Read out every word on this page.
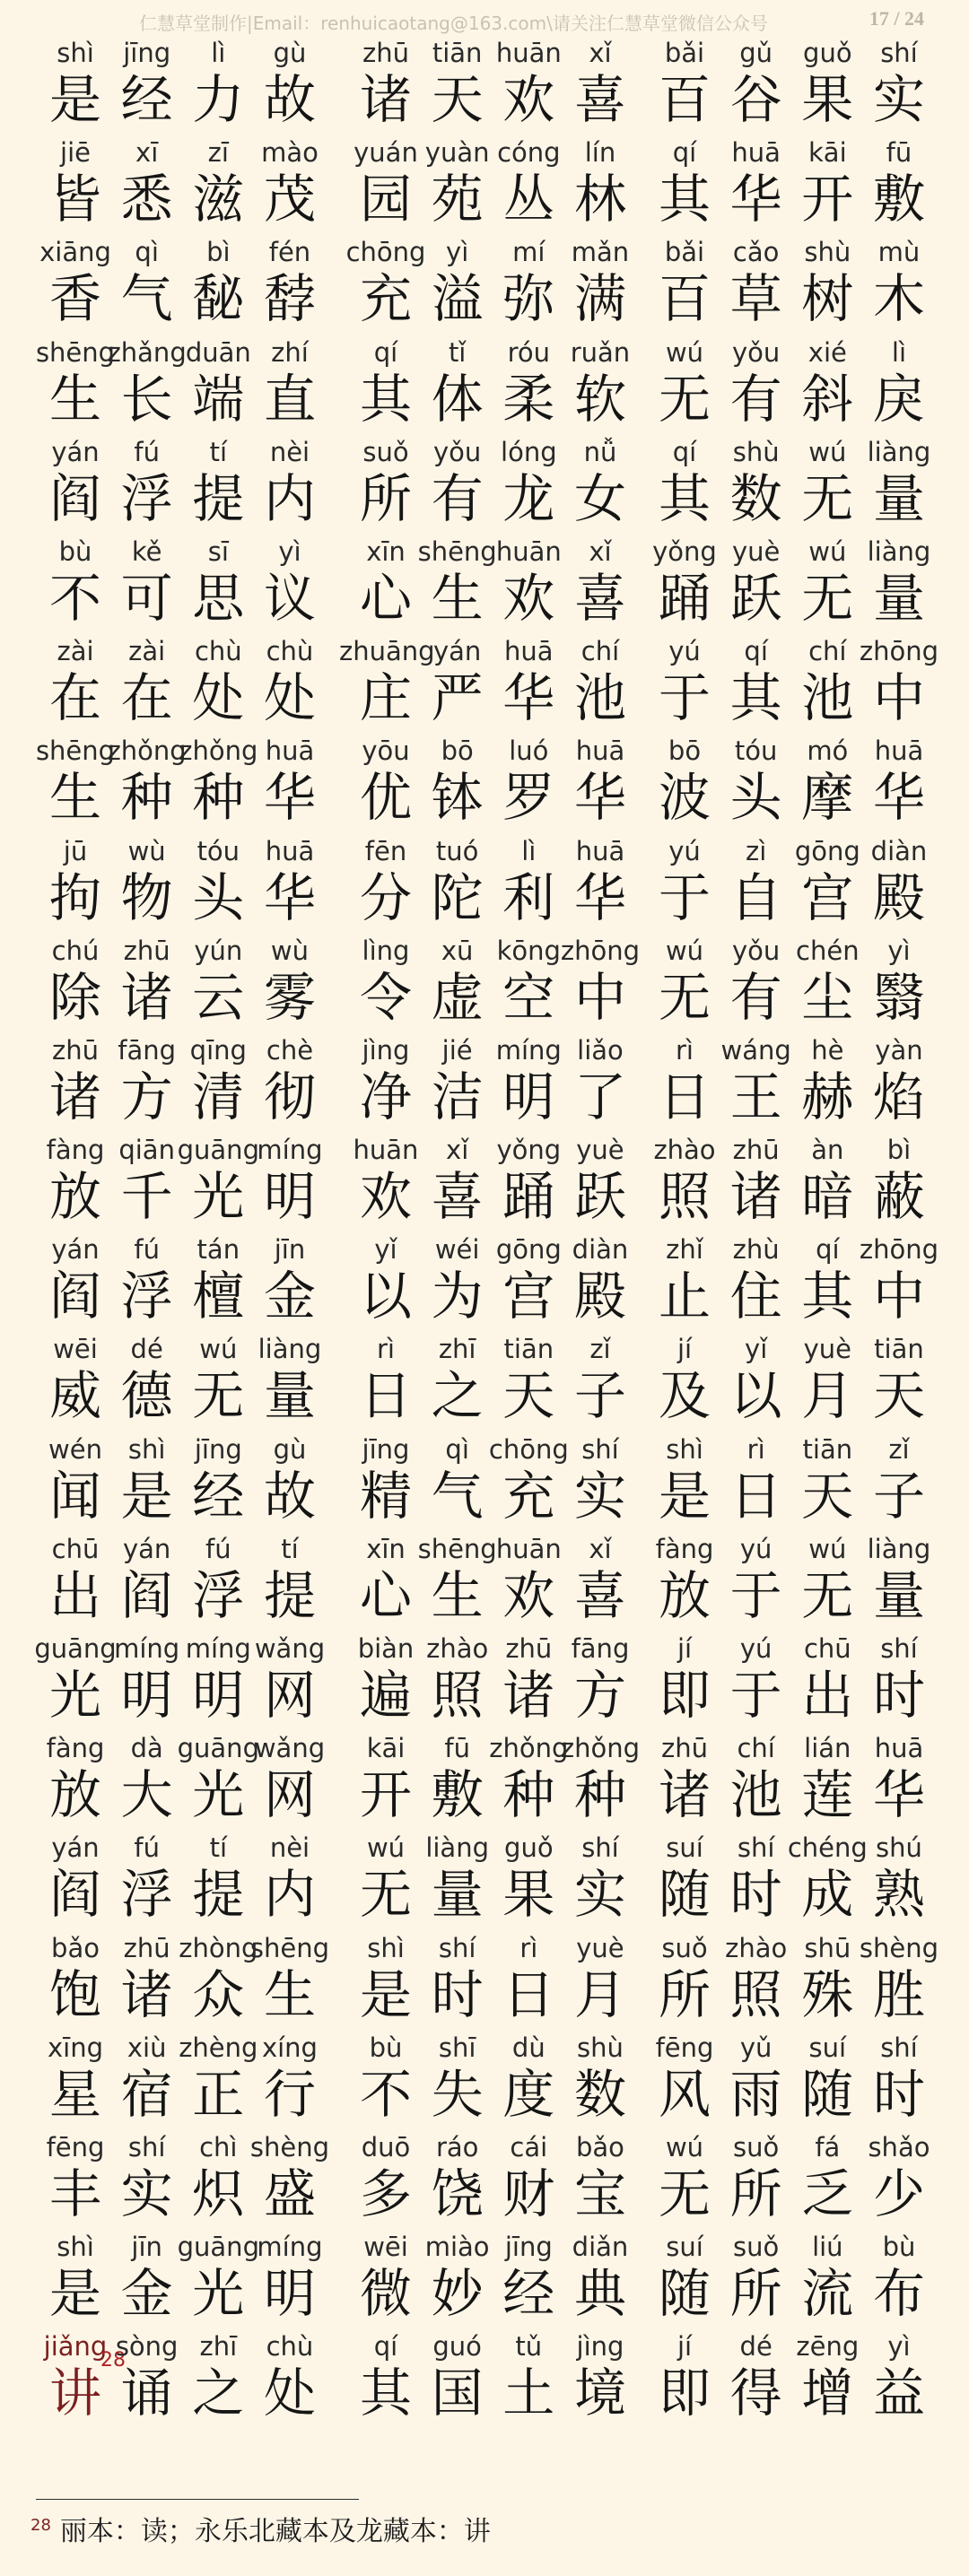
仁慧草堂制作|Email：renhuicaotang@163.com\请关注仁慧草堂微信公众号	17 / 24
shì
是
jīng
经
lì
力
gù
故
zhū
诸
tiān
天
huān
欢
xǐ
喜
bǎi
百
gǔ
谷
guǒ
果
shí
实
jiē
皆
xī
悉
zī
滋
mào
茂
yuán
园
yuàn
苑
cóng
丛
lín
林
qí
其
huā
华
kāi
开
fū
敷
xiāng
香
qì
气
bì
馝
fén
馞
chōng
充
yì
溢
mí
弥
mǎn
满
bǎi
百
cǎo
草
shù
树
mù
木
shēng
生
zhǎng
长
duān
端
zhí
直
qí
其
tǐ
体
róu
柔
ruǎn
软
wú
无
yǒu
有
xié
斜
lì
戾
yán
阎
fú
浮
tí
提
nèi
内
suǒ
所
yǒu
有
lóng
龙
nǚ
女
qí
其
shù
数
wú
无
liàng
量
bù
不
kě
可
sī
思
yì
议
xīn
心
shēng
生
huān
欢
xǐ
喜
yǒng
踊
yuè
跃
wú
无
liàng
量
zài
在
zài
在
chù
处
chù
处
zhuāng
庄
yán
严
huā
华
chí
池
yú
于
qí
其
chí
池
zhōng
中
shēng
生
zhǒng
种
zhǒng
种
huā
华
yōu
优
bō
钵
luó
罗
huā
华
bō
波
tóu
头
mó
摩
huā
华
jū
拘
wù
物
tóu
头
huā
华
fēn
分
tuó
陀
lì
利
huā
华
yú
于
zì
自
gōng
宫
diàn
殿
chú
除
zhū
诸
yún
云
wù
雾
lìng
令
xū
虚
kōng
空
zhōng
中
wú
无
yǒu
有
chén
尘
yì
翳
zhū
诸
fāng
方
qīng
清
chè
彻
jìng
净
jié
洁
míng
明
liǎo
了
rì
日
wáng
王
hè
赫
yàn
焰
fàng
放
qiān
千
guāng
光
míng
明
huān
欢
xǐ
喜
yǒng
踊
yuè
跃
zhào
照
zhū
诸
àn
暗
bì
蔽
yán
阎
fú
浮
tán
檀
jīn
金
yǐ
以
wéi
为
gōng
宫
diàn
殿
zhǐ
止
zhù
住
qí
其
zhōng
中
wēi
威
dé
德
wú
无
liàng
量
rì
日
zhī
之
tiān
天
zǐ
子
jí
及
yǐ
以
yuè
月
tiān
天
wén
闻
shì
是
jīng
经
gù
故
jīng
精
qì
气
chōng
充
shí
实
shì
是
rì
日
tiān
天
zǐ
子
chū
出
yán
阎
fú
浮
tí
提
xīn
心
shēng
生
huān
欢
xǐ
喜
fàng
放
yú
于
wú
无
liàng
量
guāng
光
míng
明
míng
明
wǎng
网
biàn
遍
zhào
照
zhū
诸
fāng
方
jí
即
yú
于
chū
出
shí
时
fàng
放
dà
大
guāng
光
wǎng
网
kāi
开
fū
敷
zhǒng
种
zhǒng
种
zhū
诸
chí
池
lián
莲
huā
华
yán
阎
fú
浮
tí
提
nèi
内
wú
无
liàng
量
guǒ
果
shí
实
suí
随
shí
时
chéng
成
shú
熟
bǎo
饱
zhū
诸
zhòng
众
shēng
生
shì
是
shí
时
rì
日
yuè
月
suǒ
所
zhào
照
shū
殊
shèng
胜
xīng
星
xiù
宿
zhèng
正
xíng
行
bù
不
shī
失
dù
度
shù
数
fēng
风
yǔ
雨
suí
随
shí
时
fēng
丰
shí
实
chì
炽
shèng
盛
duō
多
ráo
饶
cái
财
bǎo
宝
wú
无
suǒ
所
fá
乏
shǎo
少
shì
是
jīn
金
guāng
光
míng
明
wēi
微
miào
妙
jīng
经
diǎn
典
suí
随
suǒ
所
liú
流
bù
布
jiǎng
讲
28
sòng
诵
zhī
之
chù
处
qí
其
guó
国
tǔ
土
jìng
境
jí
即
dé
得
zēng
增
yì
益
$^{28}$ 丽本：读；永乐北藏本及龙藏本：讲
